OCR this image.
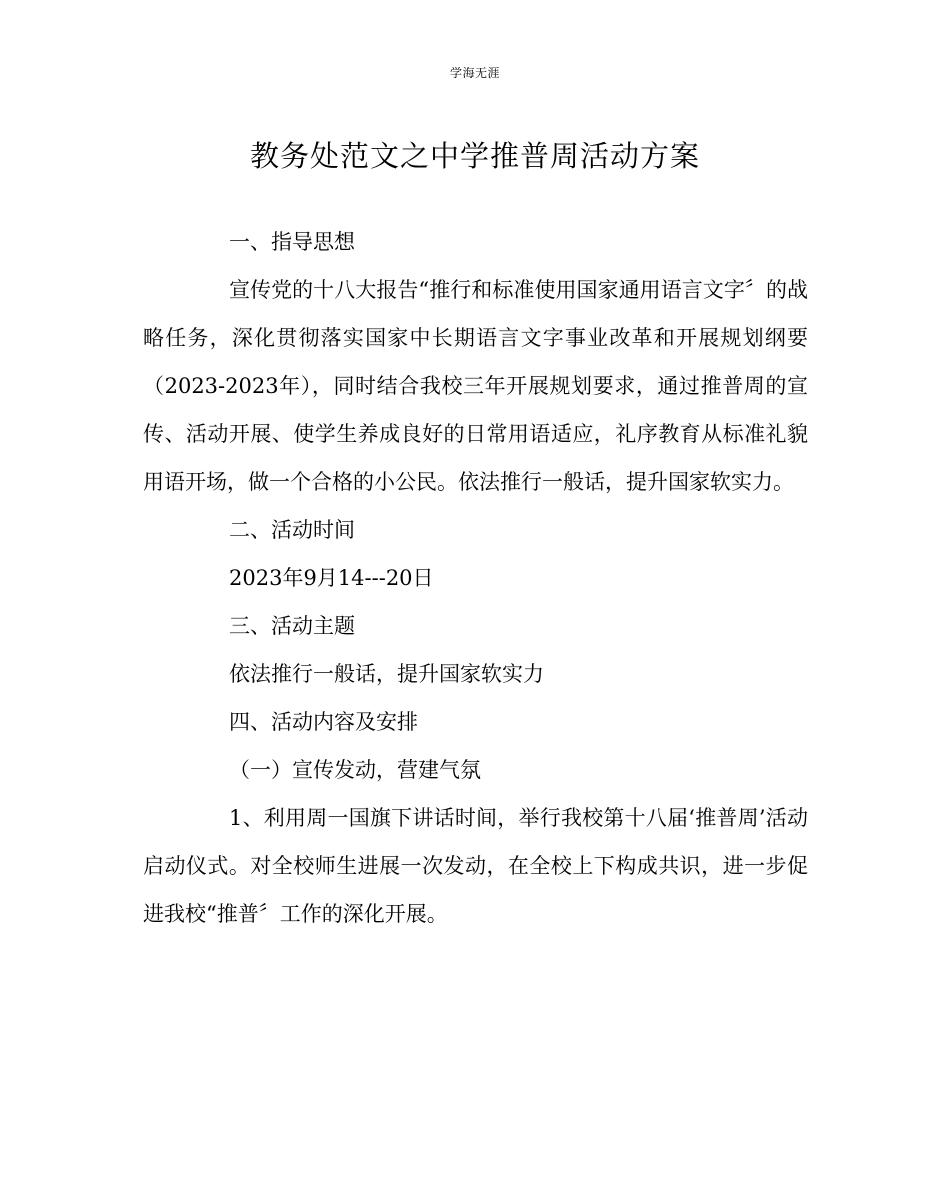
学海无涯
教务处范文之中学推普周活动方案

一、指导思想

宣传党的十八大报告“推行和标准使用国家通用语言文字〞的战略任务，深化贯彻落实国家中长期语言文字事业改革和开展规划纲要（2023-2023年），同时结合我校三年开展规划要求，通过推普周的宣传、活动开展、使学生养成良好的日常用语适应，礼序教育从标准礼貌用语开场，做一个合格的小公民。依法推行一般话，提升国家软实力。

二、活动时间

2023年9月14---20日

三、活动主题

依法推行一般话，提升国家软实力

四、活动内容及安排

（一）宣传发动，营建气氛

1、利用周一国旗下讲话时间，举行我校第十八届‘推普周’活动启动仪式。对全校师生进展一次发动，在全校上下构成共识，进一步促进我校“推普〞工作的深化开展。
